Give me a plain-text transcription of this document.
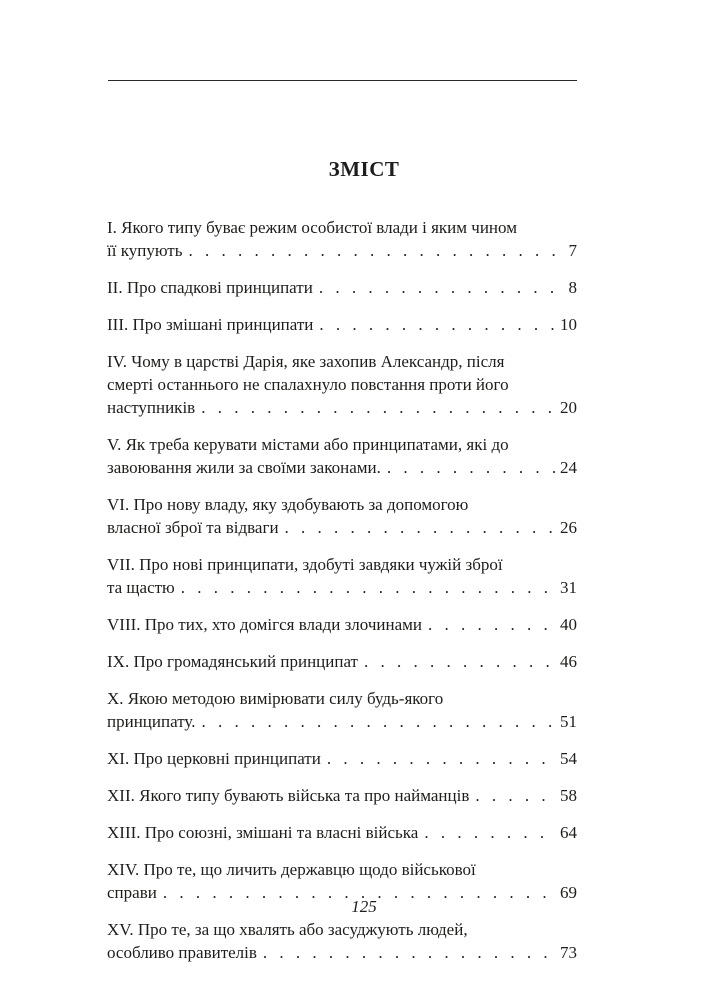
ЗМІСТ
I. Якого типу буває режим особистої влади і яким чином
її купують . . .	7
II. Про спадкові принципати . . .	8
III. Про змішані принципати . . .	10
IV. Чому в царстві Дарія, яке захопив Александр, після
смерті останнього не спалахнуло повстання проти його
наступників . . .	20
V. Як треба керувати містами або принципатами, які до
завоювання жили за своїми законами. . . .	24
VI. Про нову владу, яку здобувають за допомогою
власної зброї та відваги . . .	26
VII. Про нові принципати, здобуті завдяки чужій зброї
та щастю . . .	31
VIII. Про тих, хто домігся влади злочинами . . .	40
IX. Про громадянський принципат . . .	46
X. Якою методою вимірювати силу будь-якого
принципату. . . .	51
XI. Про церковні принципати . . .	54
XII. Якого типу бувають війська та про найманців . . .	58
XIII. Про союзні, змішані та власні війська . . .	64
XIV. Про те, що личить державцю щодо військової
справи . . .	69
XV. Про те, за що хвалять або засуджують людей,
особливо правителів . . .	73
125
